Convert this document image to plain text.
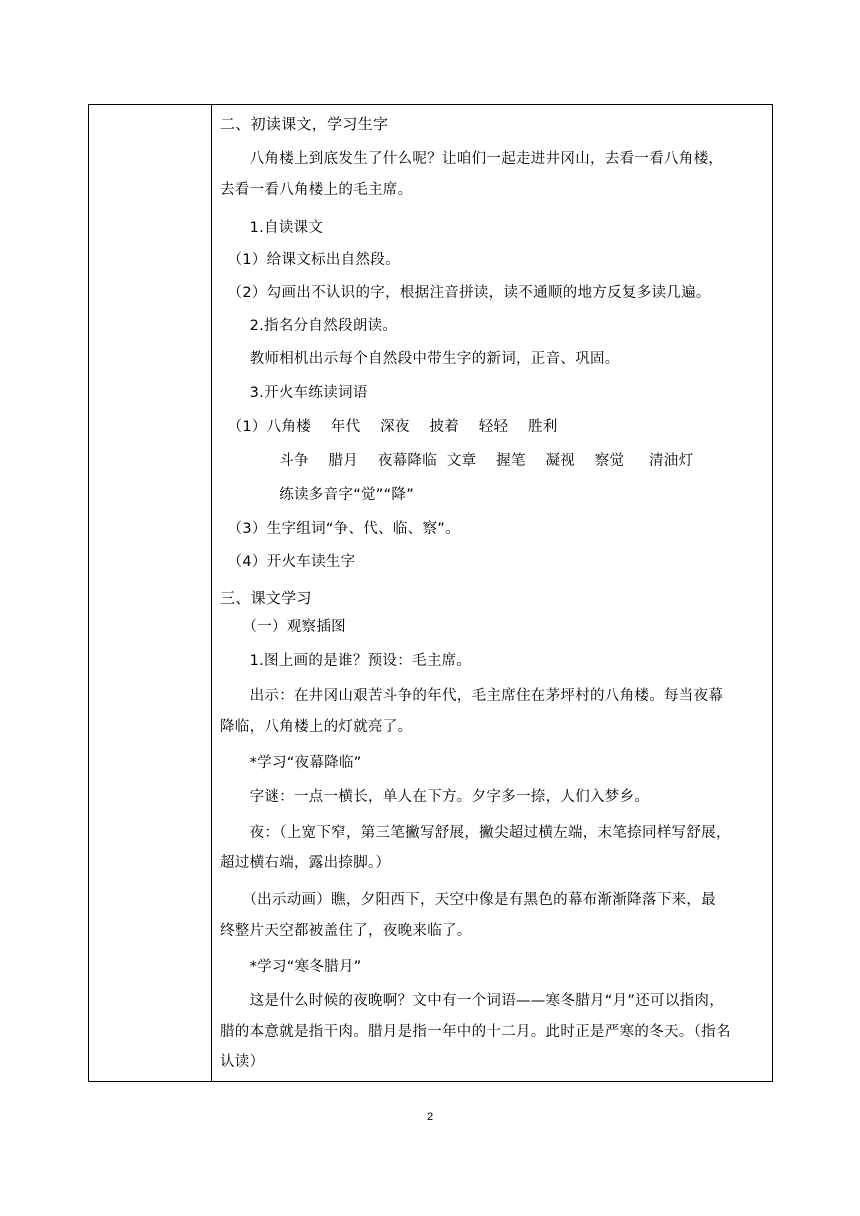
二、初读课文，学习生字
　　八角楼上到底发生了什么呢？让咱们一起走进井冈山，去看一看八角楼，
去看一看八角楼上的毛主席。
　　1.自读课文
　（1）给课文标出自然段。
　（2）勾画出不认识的字，根据注音拼读，读不通顺的地方反复多读几遍。
　　2.指名分自然段朗读。
　　教师相机出示每个自然段中带生字的新词，正音、巩固。
　　3.开火车练读词语
　（1）八角楼　 年代　 深夜　 披着　 轻轻　 胜利
　　　　斗争　 腊月　 夜幕降临  文章　 握笔　 凝视　 察觉　  清油灯
　　　　练读多音字“觉”“降”
　（3）生字组词“争、代、临、察”。
　（4）开火车读生字
三、课文学习
　　（一）观察插图
　　1.图上画的是谁？预设：毛主席。
　　出示：在井冈山艰苦斗争的年代，毛主席住在茅坪村的八角楼。每当夜幕
降临，八角楼上的灯就亮了。
　　*学习“夜幕降临”
　　字谜：一点一横长，单人在下方。夕字多一捺，人们入梦乡。
　　夜：（上宽下窄，第三笔撇写舒展，撇尖超过横左端，末笔捺同样写舒展，
超过横右端，露出捺脚。）
　　（出示动画）瞧，夕阳西下，天空中像是有黑色的幕布渐渐降落下来，最
终整片天空都被盖住了，夜晚来临了。
　　*学习“寒冬腊月”
　　这是什么时候的夜晚啊？文中有一个词语——寒冬腊月“月”还可以指肉，
腊的本意就是指干肉。腊月是指一年中的十二月。此时正是严寒的冬天。（指名
认读）
2
